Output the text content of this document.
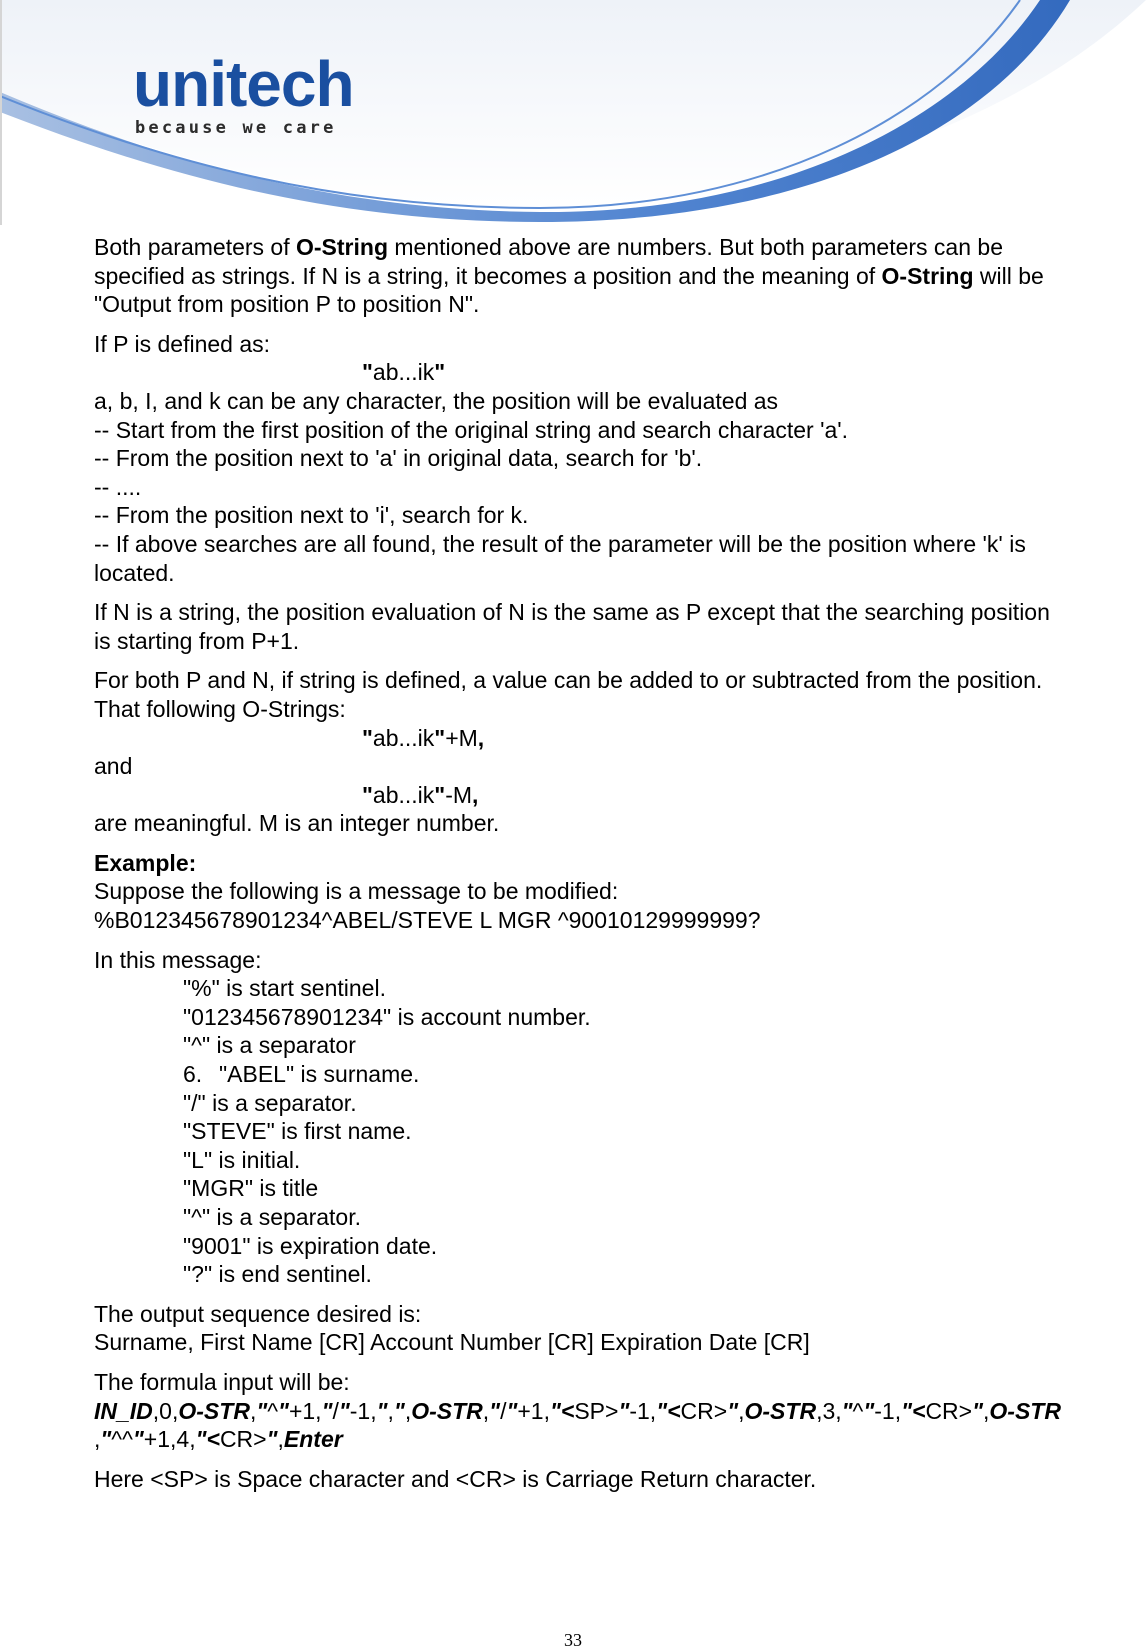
unitech
because we care

Both parameters of O-String mentioned above are numbers. But both parameters can be

specified as strings. If N is a string, it becomes a position and the meaning of O-String will be

"Output from position P to position N".

If P is defined as:

"ab...ik"

a, b, I, and k can be any character, the position will be evaluated as

-- Start from the first position of the original string and search character 'a'.

-- From the position next to 'a' in original data, search for 'b'.

-- ....

-- From the position next to 'i', search for k.

-- If above searches are all found, the result of the parameter will be the position where 'k' is

located.

If N is a string, the position evaluation of N is the same as P except that the searching position

is starting from P+1.

For both P and N, if string is defined, a value can be added to or subtracted from the position.

That following O-Strings:

"ab...ik"+M,

and

"ab...ik"-M,

are meaningful. M is an integer number.

Example:

Suppose the following is a message to be modified:

%B012345678901234^ABEL/STEVE L MGR ^90010129999999?

In this message:

"%" is start sentinel.

"012345678901234" is account number.

"^" is a separator

6. "ABEL" is surname.

"/" is a separator.

"STEVE" is first name.

"L" is initial.

"MGR" is title

"^" is a separator.

"9001" is expiration date.

"?" is end sentinel.

The output sequence desired is:

Surname, First Name [CR] Account Number [CR] Expiration Date [CR]

The formula input will be:

IN_ID,0,O-STR,"^"+1,"/"-1,",",O-STR,"/"+1,"<SP>"-1,"<CR>",O-STR,3,"^"-1,"<CR>",O-STR

,"^^"+1,4,"<CR>",Enter

Here <SP> is Space character and <CR> is Carriage Return character.

33
